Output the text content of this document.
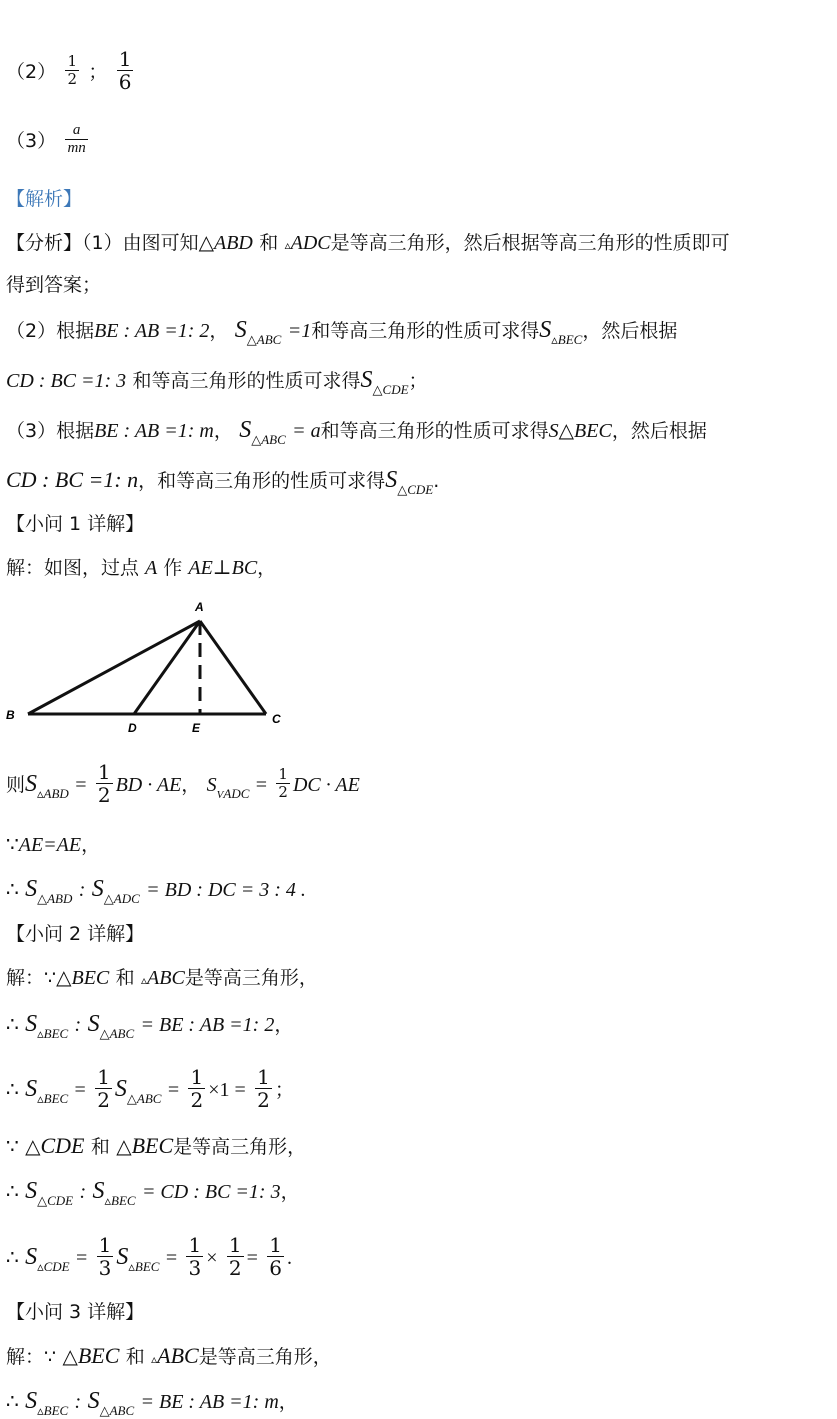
$(2) \frac{1}{2}$ ； $\frac{1}{6}$
$(3) \frac{a}{mn}$
【解析】
【分析】（1）由图可知△ABD 和 ▵ADC是等高三角形，然后根据等高三角形的性质即可
得到答案；
（2）根据BE : AB =1: 2， $S_{\triangle ABC} =1$和等高三角形的性质可求得$S_{▵BEC}$，然后根据
CD : BC =1: 3 和等高三角形的性质可求得$S_{\triangle CDE}$；
（3）根据BE : AB =1: m， $S_{\triangle ABC} = a$和等高三角形的性质可求得S△BEC，然后根据
CD : BC =1: n，和等高三角形的性质可求得$S_{\triangle CDE}$.
【小问 1 详解】
解：如图，过点 A 作 AE⊥BC，
A
B	C
D	E
则$S_{▵ABD} = \frac{1}{2}$ BD · AE， $S_{VADC} = \frac{1}{2}$ DC · AE
∵AE=AE，
∴ $S_{\triangle ABD}$ : $S_{\triangle ADC}$ = BD : DC = 3 : 4 .
【小问 2 详解】
解：∵△BEC 和 ▵ABC是等高三角形，
∴ $S_{▵BEC}$ : $S_{\triangle ABC}$ = BE : AB =1: 2，
∴ $S_{▵BEC} = \frac{1}{2} S_{\triangle ABC} = \frac{1}{2} \times 1 = \frac{1}{2}$ ；
∵ △CDE 和 △BEC是等高三角形，
∴ $S_{\triangle CDE}$ : $S_{▵BEC}$ = CD : BC =1: 3，
∴ $S_{▵CDE} = \frac{1}{3} S_{▵BEC} = \frac{1}{3} \times \frac{1}{2} = \frac{1}{6}$ .
【小问 3 详解】
解：∵ △BEC 和 ▵ABC是等高三角形，
∴ $S_{▵BEC}$ : $S_{\triangle ABC}$ = BE : AB =1: m，
